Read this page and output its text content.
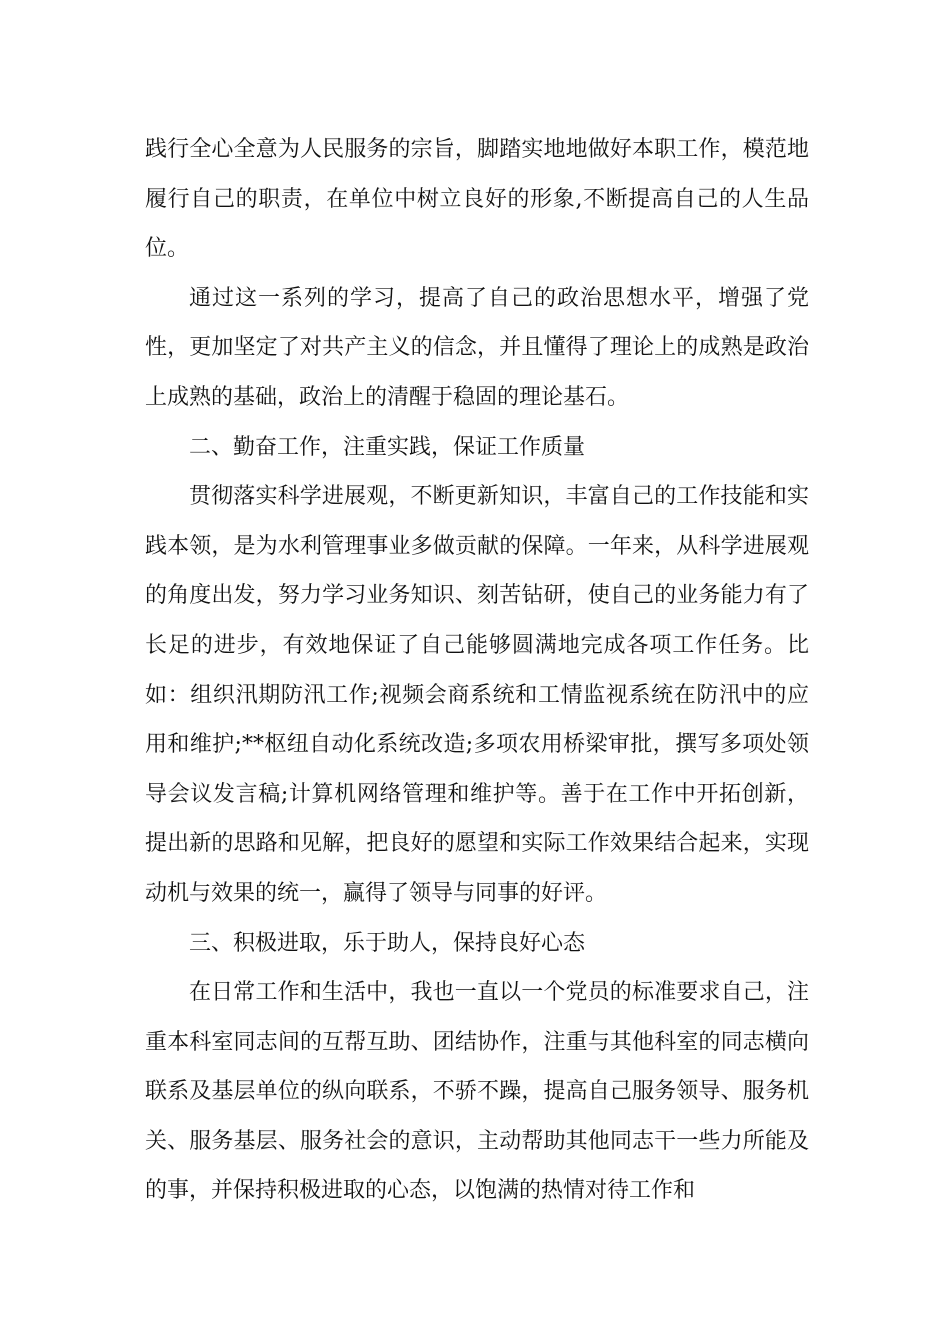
践行全心全意为人民服务的宗旨，脚踏实地地做好本职工作，模范地履行自己的职责，在单位中树立良好的形象,不断提高自己的人生品位。

通过这一系列的学习，提高了自己的政治思想水平，增强了党性，更加坚定了对共产主义的信念，并且懂得了理论上的成熟是政治上成熟的基础，政治上的清醒于稳固的理论基石。

二、勤奋工作，注重实践，保证工作质量

贯彻落实科学进展观，不断更新知识，丰富自己的工作技能和实践本领，是为水利管理事业多做贡献的保障。一年来，从科学进展观的角度出发，努力学习业务知识、刻苦钻研，使自己的业务能力有了长足的进步，有效地保证了自己能够圆满地完成各项工作任务。比如：组织汛期防汛工作;视频会商系统和工情监视系统在防汛中的应用和维护;**枢纽自动化系统改造;多项农用桥梁审批，撰写多项处领导会议发言稿;计算机网络管理和维护等。善于在工作中开拓创新，提出新的思路和见解，把良好的愿望和实际工作效果结合起来，实现动机与效果的统一，赢得了领导与同事的好评。

三、积极进取，乐于助人，保持良好心态

在日常工作和生活中，我也一直以一个党员的标准要求自己，注重本科室同志间的互帮互助、团结协作，注重与其他科室的同志横向联系及基层单位的纵向联系，不骄不躁，提高自己服务领导、服务机关、服务基层、服务社会的意识，主动帮助其他同志干一些力所能及的事，并保持积极进取的心态，以饱满的热情对待工作和
